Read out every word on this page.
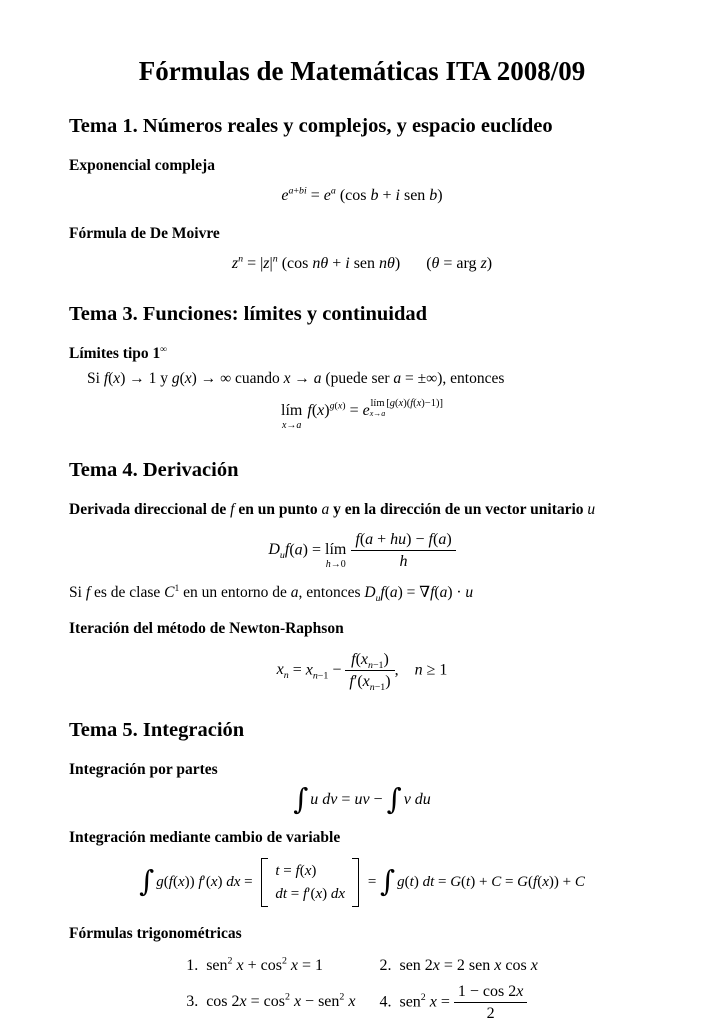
Fórmulas de Matemáticas ITA 2008/09
Tema 1. Números reales y complejos, y espacio euclídeo
Exponencial compleja
$e^{a+bi} = e^a$ (cos b + i sen b)
Fórmula de De Moivre
$z^n = |z|^n$ (cos nθ + i sen nθ) (θ = arg z)
Tema 3. Funciones: límites y continuidad
Límites tipo 1∞
Si f(x) → 1 y g(x) → ∞ cuando x → a (puede ser a = ±∞), entonces
lím
x→a
$f(x)^{g(x)} = e$ lím
x→a
[g(x)(f(x)−1)]
Tema 4. Derivación
Derivada direccional de f en un punto a y en la dirección de un vector unitario u
$D_uf(a)$ = lím
$h\to 0 \frac{f(a + hu) - f(a)}{h}$
Si f es de clase $C^1$ en un entorno de a, entonces $D_uf(a) = \nabla f(a) \cdot u$
Iteración del método de Newton-Raphson
$x_n = x_{n-1} - \frac{f(x_{n-1})}{f'(x_{n-1})}$ , n ≥ 1
Tema 5. Integración
Integración por partes
∫ u dv = uv − ∫ v du
Integración mediante cambio de variable
∫ g(f(x)) f′(x) dx =
t = f(x)
dt = f′(x) dx
= ∫ g(t) dt = G(t) + C = G(f(x)) + C
Fórmulas trigonométricas
1.  sen$^2$ $x + \cos^2 x = 1$	2.  sen 2x = 2 sen x cos x
3.  $\cos 2x = \cos^2 x - sen^2$ x 4.  sen$^2$ $x = \frac{1 - \cos 2x}{2}$
